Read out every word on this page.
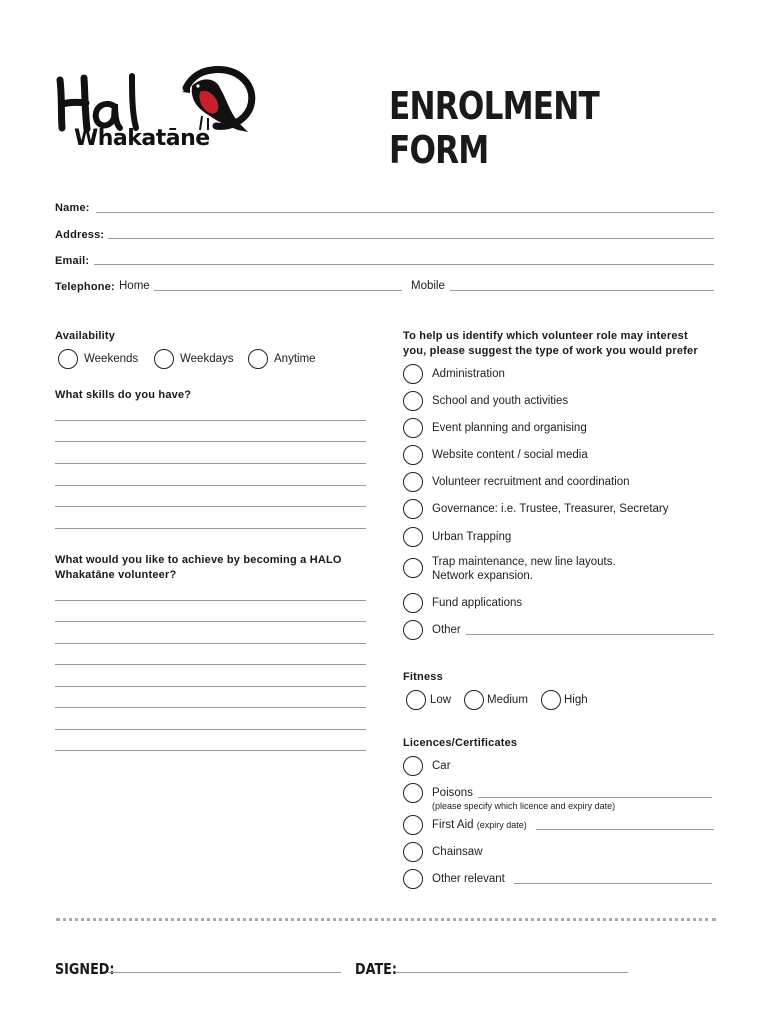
Whakatāne
ENROLMENT FORM
Name:
Address:
Email:
Telephone: Home	Mobile
Availability
Weekends	Weekdays	Anytime
What skills do you have?
What would you like to achieve by becoming a HALO
Whakatāne volunteer?
To help us identify which volunteer role may interest
you, please suggest the type of work you would prefer
Administration
School and youth activities
Event planning and organising
Website content / social media
Volunteer recruitment and coordination
Governance: i.e. Trustee, Treasurer, Secretary
Urban Trapping
Trap maintenance, new line layouts.
Network expansion.
Fund applications
Other
Fitness
Low	Medium	High
Licences/Certificates
Car
Poisons
(please specify which licence and expiry date)
First Aid (expiry date)
Chainsaw
Other relevant
SIGNED:	DATE:
